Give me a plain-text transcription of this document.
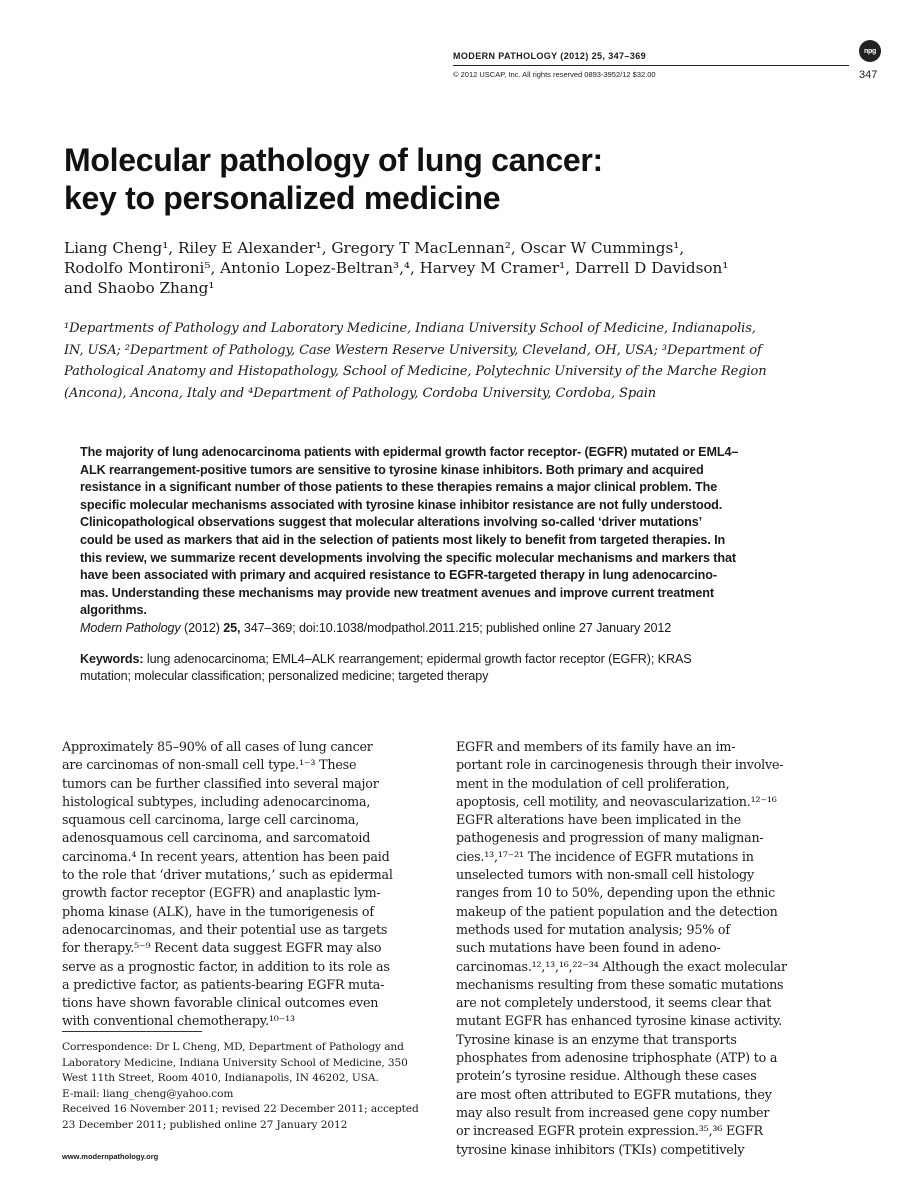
MODERN PATHOLOGY (2012) 25, 347–369
© 2012 USCAP, Inc. All rights reserved 0893-3952/12 $32.00
npg
347
Molecular pathology of lung cancer:
key to personalized medicine
Liang Cheng¹, Riley E Alexander¹, Gregory T MacLennan², Oscar W Cummings¹,
Rodolfo Montironi⁵, Antonio Lopez-Beltran³,⁴, Harvey M Cramer¹, Darrell D Davidson¹
and Shaobo Zhang¹
¹Departments of Pathology and Laboratory Medicine, Indiana University School of Medicine, Indianapolis,
IN, USA; ²Department of Pathology, Case Western Reserve University, Cleveland, OH, USA; ³Department of
Pathological Anatomy and Histopathology, School of Medicine, Polytechnic University of the Marche Region
(Ancona), Ancona, Italy and ⁴Department of Pathology, Cordoba University, Cordoba, Spain
The majority of lung adenocarcinoma patients with epidermal growth factor receptor- (EGFR) mutated or EML4–
ALK rearrangement-positive tumors are sensitive to tyrosine kinase inhibitors. Both primary and acquired
resistance in a significant number of those patients to these therapies remains a major clinical problem. The
specific molecular mechanisms associated with tyrosine kinase inhibitor resistance are not fully understood.
Clinicopathological observations suggest that molecular alterations involving so-called ‘driver mutations’
could be used as markers that aid in the selection of patients most likely to benefit from targeted therapies. In
this review, we summarize recent developments involving the specific molecular mechanisms and markers that
have been associated with primary and acquired resistance to EGFR-targeted therapy in lung adenocarcino-
mas. Understanding these mechanisms may provide new treatment avenues and improve current treatment
algorithms.
Modern Pathology (2012) 25, 347–369; doi:10.1038/modpathol.2011.215; published online 27 January 2012
Keywords: lung adenocarcinoma; EML4–ALK rearrangement; epidermal growth factor receptor (EGFR); KRAS
mutation; molecular classification; personalized medicine; targeted therapy
Approximately 85–90% of all cases of lung cancer
are carcinomas of non-small cell type.¹⁻³ These
tumors can be further classified into several major
histological subtypes, including adenocarcinoma,
squamous cell carcinoma, large cell carcinoma,
adenosquamous cell carcinoma, and sarcomatoid
carcinoma.⁴ In recent years, attention has been paid
to the role that ‘driver mutations,’ such as epidermal
growth factor receptor (EGFR) and anaplastic lym-
phoma kinase (ALK), have in the tumorigenesis of
adenocarcinomas, and their potential use as targets
for therapy.⁵⁻⁹ Recent data suggest EGFR may also
serve as a prognostic factor, in addition to its role as
a predictive factor, as patients-bearing EGFR muta-
tions have shown favorable clinical outcomes even
with conventional chemotherapy.¹⁰⁻¹³
EGFR and members of its family have an im-
portant role in carcinogenesis through their involve-
ment in the modulation of cell proliferation,
apoptosis, cell motility, and neovascularization.¹²⁻¹⁶
EGFR alterations have been implicated in the
pathogenesis and progression of many malignan-
cies.¹³,¹⁷⁻²¹ The incidence of EGFR mutations in
unselected tumors with non-small cell histology
ranges from 10 to 50%, depending upon the ethnic
makeup of the patient population and the detection
methods used for mutation analysis; 95% of
such mutations have been found in adeno-
carcinomas.¹²,¹³,¹⁶,²²⁻³⁴ Although the exact molecular
mechanisms resulting from these somatic mutations
are not completely understood, it seems clear that
mutant EGFR has enhanced tyrosine kinase activity.
Tyrosine kinase is an enzyme that transports
phosphates from adenosine triphosphate (ATP) to a
protein’s tyrosine residue. Although these cases
are most often attributed to EGFR mutations, they
may also result from increased gene copy number
or increased EGFR protein expression.³⁵,³⁶ EGFR
tyrosine kinase inhibitors (TKIs) competitively
Correspondence: Dr L Cheng, MD, Department of Pathology and
Laboratory Medicine, Indiana University School of Medicine, 350
West 11th Street, Room 4010, Indianapolis, IN 46202, USA.
E-mail: liang_cheng@yahoo.com
Received 16 November 2011; revised 22 December 2011; accepted
23 December 2011; published online 27 January 2012
www.modernpathology.org
